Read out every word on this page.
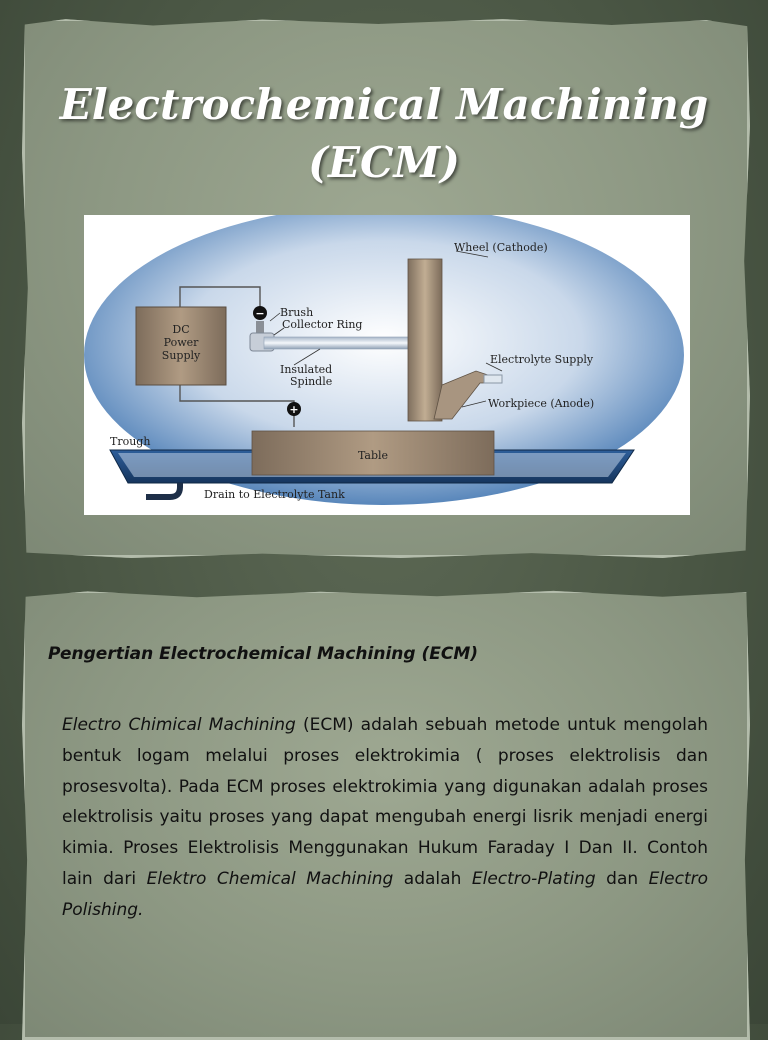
Electrochemical Machining
(ECM)
DC
Power
Supply
−
+
Table
Wheel (Cathode)
Brush
Collector Ring
Insulated
Spindle
Electrolyte Supply
Workpiece (Anode)
Trough
Drain to Electrolyte Tank
Pengertian Electrochemical Machining (ECM)

Electro Chimical Machining (ECM) adalah sebuah metode untuk mengolah bentuk logam melalui proses elektrokimia ( proses elektrolisis dan prosesvolta). Pada ECM proses elektrokimia yang digunakan adalah proses elektrolisis yaitu proses yang dapat mengubah energi lisrik menjadi energi kimia. Proses Elektrolisis Menggunakan Hukum Faraday I Dan II. Contoh lain dari Elektro Chemical Machining adalah Electro-Plating dan Electro Polishing.
